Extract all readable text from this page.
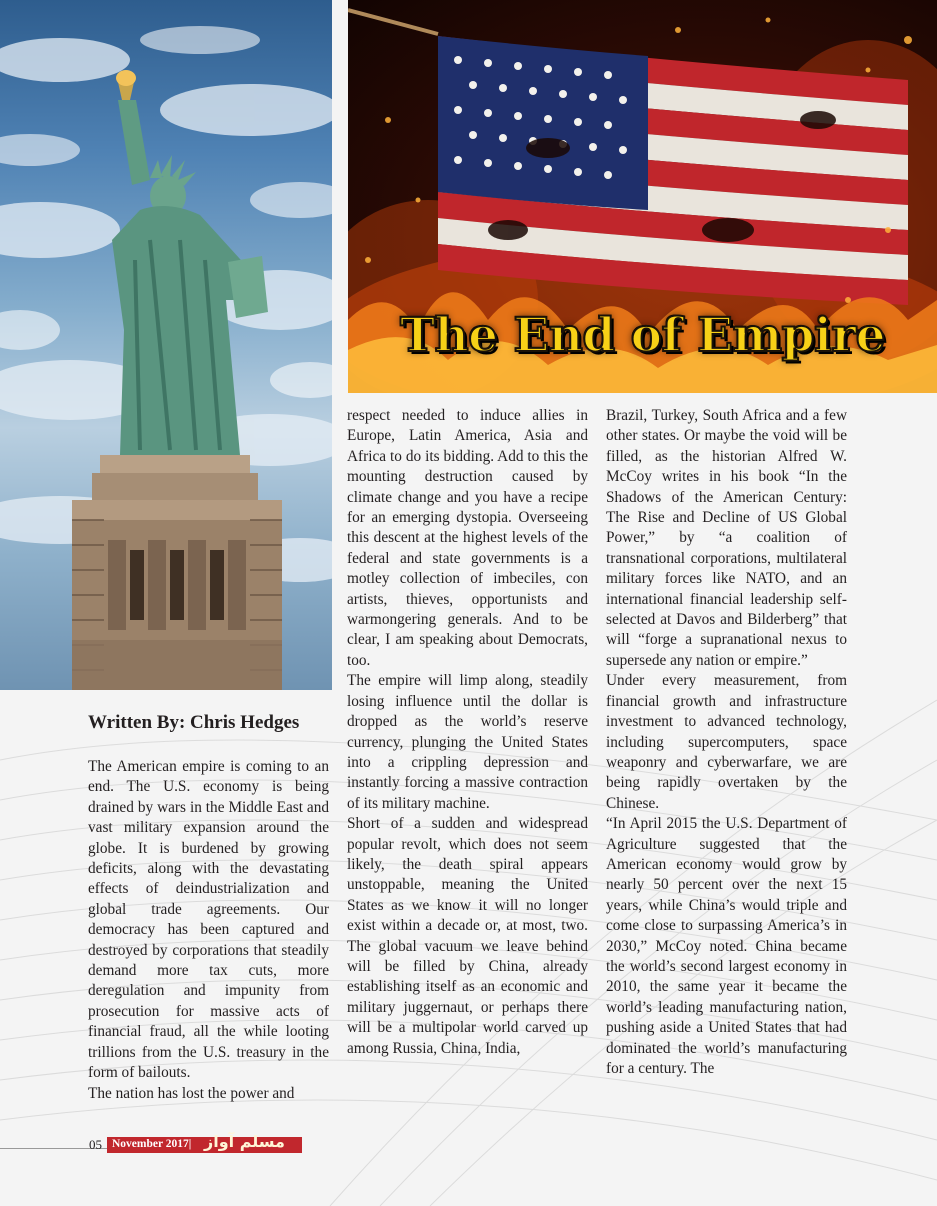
The End of Empire
Written By: Chris Hedges

The American empire is coming to an end. The U.S. economy is being drained by wars in the Middle East and vast military expansion around the globe. It is burdened by growing deficits, along with the devastating effects of deindustrialization and global trade agreements. Our democracy has been captured and destroyed by corporations that steadily demand more tax cuts, more deregulation and impunity from prosecution for massive acts of financial fraud, all the while looting trillions from the U.S. treasury in the form of bailouts.

The nation has lost the power and

respect needed to induce allies in Europe, Latin America, Asia and Africa to do its bidding. Add to this the mounting destruction caused by climate change and you have a recipe for an emerging dystopia. Overseeing this descent at the highest levels of the federal and state governments is a motley collection of imbeciles, con artists, thieves, opportunists and warmongering generals. And to be clear, I am speaking about Democrats, too.

The empire will limp along, steadily losing influence until the dollar is dropped as the world’s reserve currency, plunging the United States into a crippling depression and instantly forcing a massive contraction of its military machine.

Short of a sudden and widespread popular revolt, which does not seem likely, the death spiral appears unstoppable, meaning the United States as we know it will no longer exist within a decade or, at most, two. The global vacuum we leave behind will be filled by China, already establishing itself as an economic and military juggernaut, or perhaps there will be a multipolar world carved up among Russia, China, India,

Brazil, Turkey, South Africa and a few other states. Or maybe the void will be filled, as the historian Alfred W. McCoy writes in his book “In the Shadows of the American Century: The Rise and Decline of US Global Power,” by “a coalition of transnational corporations, multilateral military forces like NATO, and an international financial leadership self-selected at Davos and Bilderberg” that will “forge a supranational nexus to supersede any nation or empire.”

Under every measurement, from financial growth and infrastructure investment to advanced technology, including supercomputers, space weaponry and cyberwarfare, we are being rapidly overtaken by the Chinese.

“In April 2015 the U.S. Department of Agriculture suggested that the American economy would grow by nearly 50 percent over the next 15 years, while China’s would triple and come close to surpassing America’s in 2030,” McCoy noted. China became the world’s second largest economy in 2010, the same year it became the world’s leading manufacturing nation, pushing aside a United States that had dominated the world’s manufacturing for a century. The

05 November 2017| مسلم آواز
